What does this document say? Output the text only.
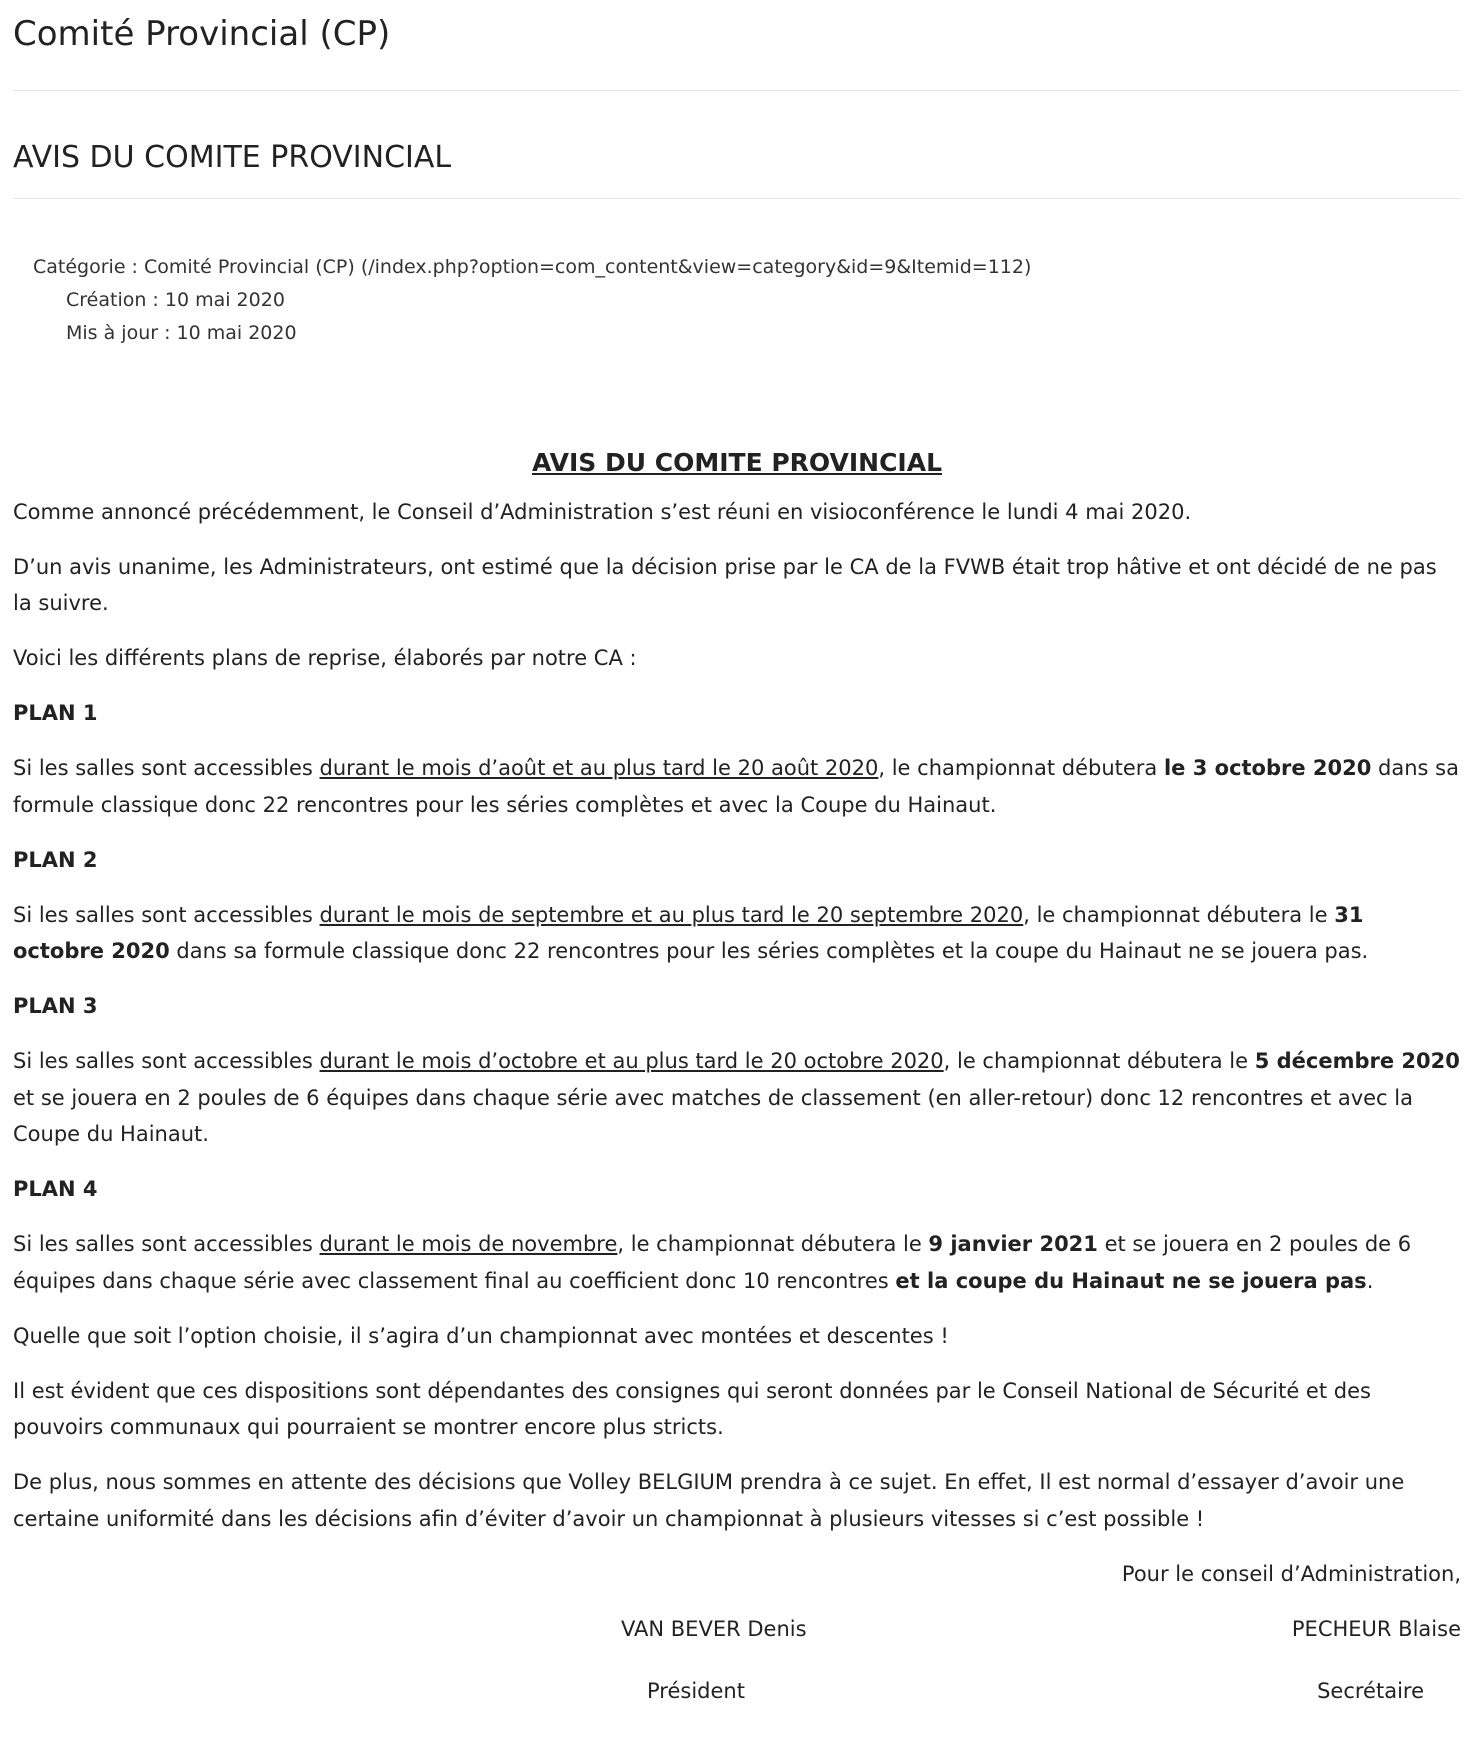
Comité Provincial (CP)
AVIS DU COMITE PROVINCIAL
Catégorie : Comité Provincial (CP) (/index.php?option=com_content&view=category&id=9&Itemid=112)
Création : 10 mai 2020
Mis à jour : 10 mai 2020

AVIS DU COMITE PROVINCIAL

Comme annoncé précédemment, le Conseil d’Administration s’est réuni en visioconférence le lundi 4 mai 2020.

D’un avis unanime, les Administrateurs, ont estimé que la décision prise par le CA de la FVWB était trop hâtive et ont décidé de ne pas la suivre.

Voici les différents plans de reprise, élaborés par notre CA :

PLAN 1

Si les salles sont accessibles durant le mois d’août et au plus tard le 20 août 2020, le championnat débutera le 3 octobre 2020 dans sa formule classique donc 22 rencontres pour les séries complètes et avec la Coupe du Hainaut.

PLAN 2

Si les salles sont accessibles durant le mois de septembre et au plus tard le 20 septembre 2020, le championnat débutera le 31 octobre 2020 dans sa formule classique donc 22 rencontres pour les séries complètes et la coupe du Hainaut ne se jouera pas.

PLAN 3

Si les salles sont accessibles durant le mois d’octobre et au plus tard le 20 octobre 2020, le championnat débutera le 5 décembre 2020 et se jouera en 2 poules de 6 équipes dans chaque série avec matches de classement (en aller-retour) donc 12 rencontres et avec la Coupe du Hainaut.

PLAN 4

Si les salles sont accessibles durant le mois de novembre, le championnat débutera le 9 janvier 2021 et se jouera en 2 poules de 6 équipes dans chaque série avec classement final au coefficient donc 10 rencontres et la coupe du Hainaut ne se jouera pas.

Quelle que soit l’option choisie, il s’agira d’un championnat avec montées et descentes !

Il est évident que ces dispositions sont dépendantes des consignes qui seront données par le Conseil National de Sécurité et des pouvoirs communaux qui pourraient se montrer encore plus stricts.

De plus, nous sommes en attente des décisions que Volley BELGIUM prendra à ce sujet. En effet, Il est normal d’essayer d’avoir une certaine uniformité dans les décisions afin d’éviter d’avoir un championnat à plusieurs vitesses si c’est possible !

Pour le conseil d’Administration,

VAN BEVER Denis	PECHEUR Blaise
Président	Secrétaire
